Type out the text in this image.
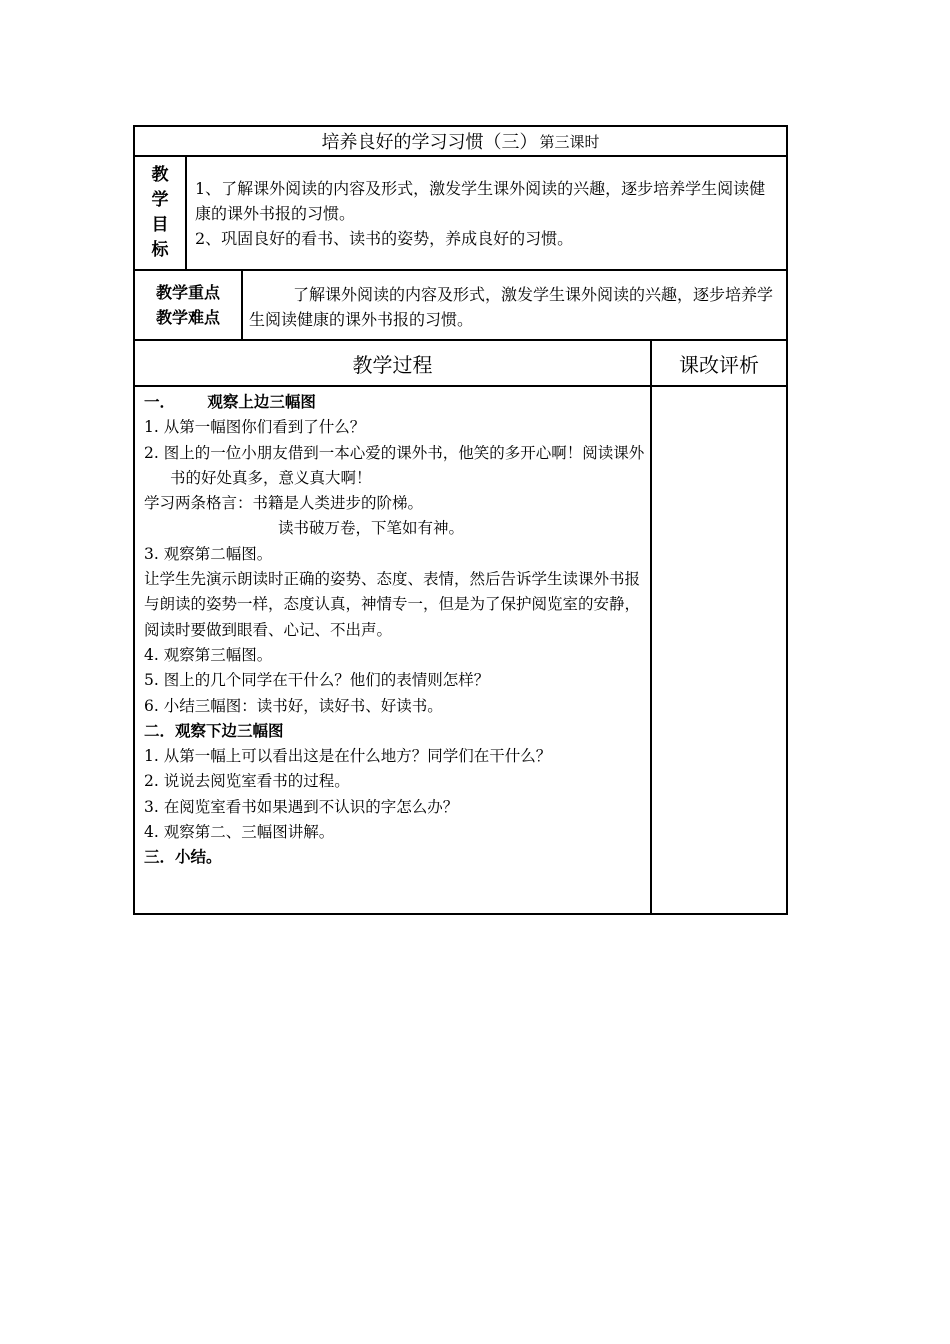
培养良好的学习习惯（三） 第三课时
教
学
目
标
教学重点
教学难点
教学过程	课改评析

1、了解课外阅读的内容及形式，激发学生课外阅读的兴趣，逐步培养学生阅读健康的课外书报的习惯。

2、巩固良好的看书、读书的姿势，养成良好的习惯。

了解课外阅读的内容及形式，激发学生课外阅读的兴趣，逐步培养学生阅读健康的课外书报的习惯。
一．      观察上边三幅图
1. 从第一幅图你们看到了什么？
2. 图上的一位小朋友借到一本心爱的课外书，他笑的多开心啊！阅读课外书的好处真多，意义真大啊！
学习两条格言：书籍是人类进步的阶梯。
读书破万卷，下笔如有神。
3. 观察第二幅图。
让学生先演示朗读时正确的姿势、态度、表情，然后告诉学生读课外书报与朗读的姿势一样，态度认真，神情专一，但是为了保护阅览室的安静，阅读时要做到眼看、心记、不出声。
4. 观察第三幅图。
5. 图上的几个同学在干什么？他们的表情则怎样？
6. 小结三幅图：读书好，读好书、好读书。
二．观察下边三幅图
1. 从第一幅上可以看出这是在什么地方？同学们在干什么？
2. 说说去阅览室看书的过程。
3. 在阅览室看书如果遇到不认识的字怎么办？
4. 观察第二、三幅图讲解。
三．小结。
